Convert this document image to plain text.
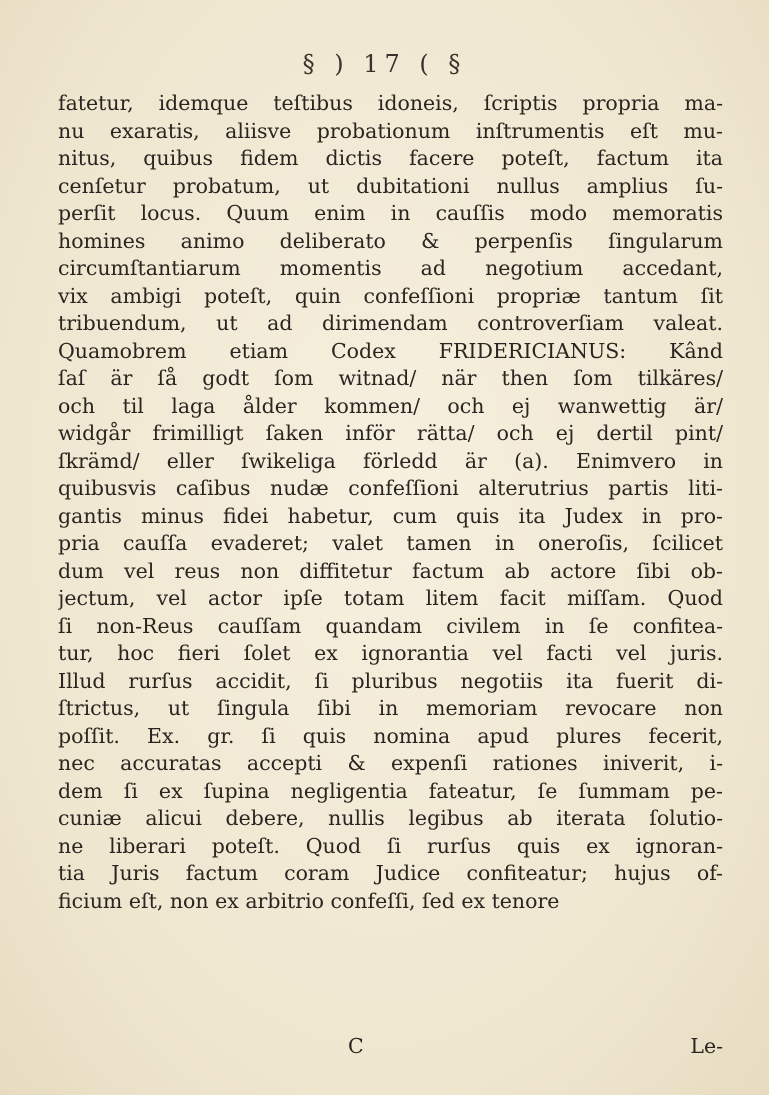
§ ) 17 ( §
fatetur, idemque teſtibus idoneis, ſcriptis propria ma-
nu exaratis, aliisve probationum inſtrumentis eſt mu-
nitus, quibus fidem dictis facere poteſt, factum ita
cenſetur probatum, ut dubitationi nullus amplius ſu-
perſit locus. Quum enim in cauſſis modo memoratis
homines animo deliberato & perpenſis ſingularum
circumſtantiarum momentis ad negotium accedant,
vix ambigi poteſt, quin confeſſioni propriæ tantum ſit
tribuendum, ut ad dirimendam controverſiam valeat.
Quamobrem etiam Codex FRIDERICIANUS: Kând
ſaſ är ſå godt ſom witnad/ när then ſom tilkäres/
och til laga ålder kommen/ och ej wanwettig är/
widgår frimilligt ſaken inför rätta/ och ej dertil pint/
ſkrämd/ eller ſwikeliga förledd är (a). Enimvero in
quibusvis caſibus nudæ confeſſioni alterutrius partis liti-
gantis minus fidei habetur, cum quis ita Judex in pro-
pria cauſſa evaderet; valet tamen in oneroſis, ſcilicet
dum vel reus non diffitetur factum ab actore ſibi ob-
jectum, vel actor ipſe totam litem facit miſſam. Quod
ſi non-Reus cauſſam quandam civilem in ſe confitea-
tur, hoc fieri ſolet ex ignorantia vel facti vel juris.
Illud rurſus accidit, ſi pluribus negotiis ita fuerit di-
ſtrictus, ut ſingula ſibi in memoriam revocare non
poſſit. Ex. gr. ſi quis nomina apud plures fecerit,
nec accuratas accepti & expenſi rationes iniverit, i-
dem ſi ex ſupina negligentia fateatur, ſe ſummam pe-
cuniæ alicui debere, nullis legibus ab iterata ſolutio-
ne liberari poteſt. Quod ſi rurſus quis ex ignoran-
tia Juris factum coram Judice confiteatur; hujus of-
ficium eſt, non ex arbitrio confeſſi, ſed ex tenore
C	Le-
